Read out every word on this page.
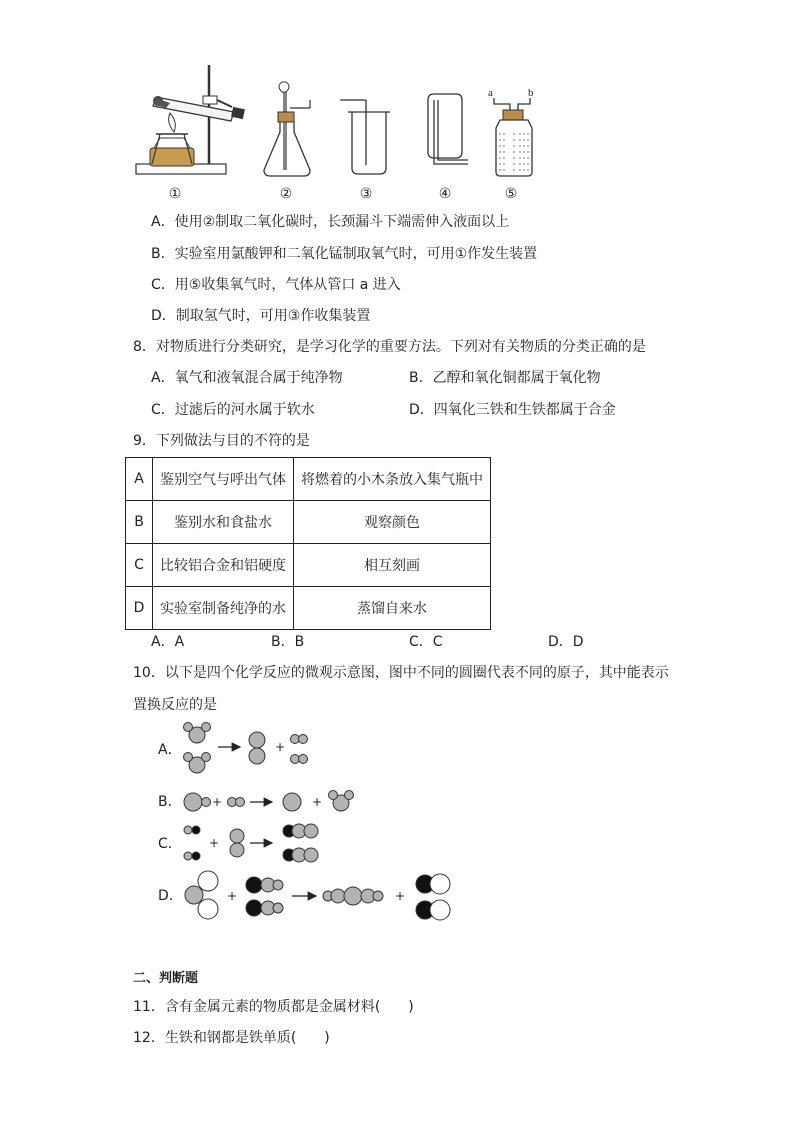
a	b
①	②	③	④	⑤
A．使用②制取二氧化碳时，长颈漏斗下端需伸入液面以上
B．实验室用氯酸钾和二氧化锰制取氧气时，可用①作发生装置
C．用⑤收集氧气时，气体从管口 a 进入
D．制取氢气时，可用③作收集装置
8．对物质进行分类研究，是学习化学的重要方法。下列对有关物质的分类正确的是
A．氧气和液氧混合属于纯净物	B．乙醇和氧化铜都属于氧化物
C．过滤后的河水属于软水	D．四氧化三铁和生铁都属于合金
9．下列做法与目的不符的是
A	鉴别空气与呼出气体	将燃着的小木条放入集气瓶中
B	鉴别水和食盐水	观察颜色
C	比较铝合金和铝硬度	相互刻画
D	实验室制备纯净的水	蒸馏自来水
A．A	B．B	C．C	D．D
10．以下是四个化学反应的微观示意图，图中不同的圆圈代表不同的原子，其中能表示
置换反应的是
A．
B．
C．
D．
+
+	+
+
+	+
二、判断题
11．含有金属元素的物质都是金属材料(　　)
12．生铁和钢都是铁单质(　　)
